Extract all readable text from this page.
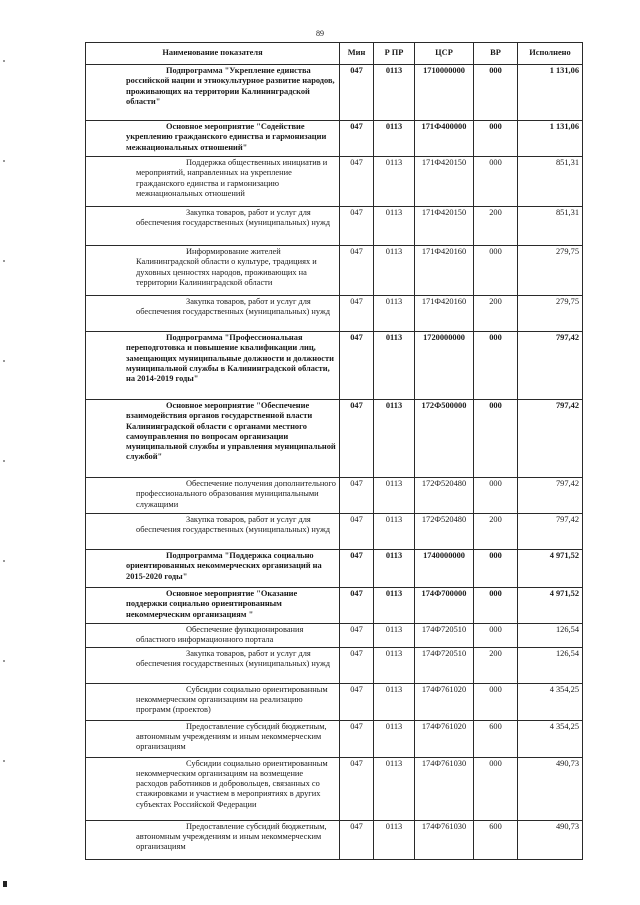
89
Наименование показателя	Мин	Р ПР	ЦСР	ВР	Исполнено
Подпрограмма "Укрепление единства российской нации и этнокультурное развитие народов, проживающих на территории Калининградской области"	047	0113	1710000000	000	1 131,06
Основное мероприятие "Содействие укреплению гражданского единства и гармонизации межнациональных отношений"	047	0113	171Ф400000	000	1 131,06
Поддержка общественных инициатив и мероприятий, направленных на укрепление гражданского единства и гармонизацию межнациональных отношений	047	0113	171Ф420150	000	851,31
Закупка товаров, работ и услуг для обеспечения государственных (муниципальных) нужд	047	0113	171Ф420150	200	851,31
Информирование жителей Калининградской области о культуре, традициях и духовных ценностях народов, проживающих на территории Калининградской области	047	0113	171Ф420160	000	279,75
Закупка товаров, работ и услуг для обеспечения государственных (муниципальных) нужд	047	0113	171Ф420160	200	279,75
Подпрограмма "Профессиональная переподготовка и повышение квалификации лиц, замещающих муниципальные должности и должности муниципальной службы в Калининградской области, на 2014-2019 годы"	047	0113	1720000000	000	797,42
Основное мероприятие "Обеспечение взаимодействия органов государственной власти Калининградской области с органами местного самоуправления по вопросам организации муниципальной службы и управления муниципальной службой"	047	0113	172Ф500000	000	797,42
Обеспечение получения дополнительного профессионального образования муниципальными служащими	047	0113	172Ф520480	000	797,42
Закупка товаров, работ и услуг для обеспечения государственных (муниципальных) нужд	047	0113	172Ф520480	200	797,42
Подпрограмма "Поддержка социально ориентированных некоммерческих организаций на 2015-2020 годы"	047	0113	1740000000	000	4 971,52
Основное мероприятие "Оказание поддержки социально ориентированным некоммерческим организациям "	047	0113	174Ф700000	000	4 971,52
Обеспечение функционирования областного информационного портала	047	0113	174Ф720510	000	126,54
Закупка товаров, работ и услуг для обеспечения государственных (муниципальных) нужд	047	0113	174Ф720510	200	126,54
Субсидии социально ориентированным некоммерческим организациям на реализацию программ (проектов)	047	0113	174Ф761020	000	4 354,25
Предоставление субсидий бюджетным, автономным учреждениям и иным некоммерческим организациям	047	0113	174Ф761020	600	4 354,25
Субсидии социально ориентированным некоммерческим организациям на возмещение расходов работников и добровольцев, связанных со стажировками и участием в мероприятиях в других субъектах Российской Федерации	047	0113	174Ф761030	000	490,73
Предоставление субсидий бюджетным, автономным учреждениям и иным некоммерческим организациям	047	0113	174Ф761030	600	490,73
